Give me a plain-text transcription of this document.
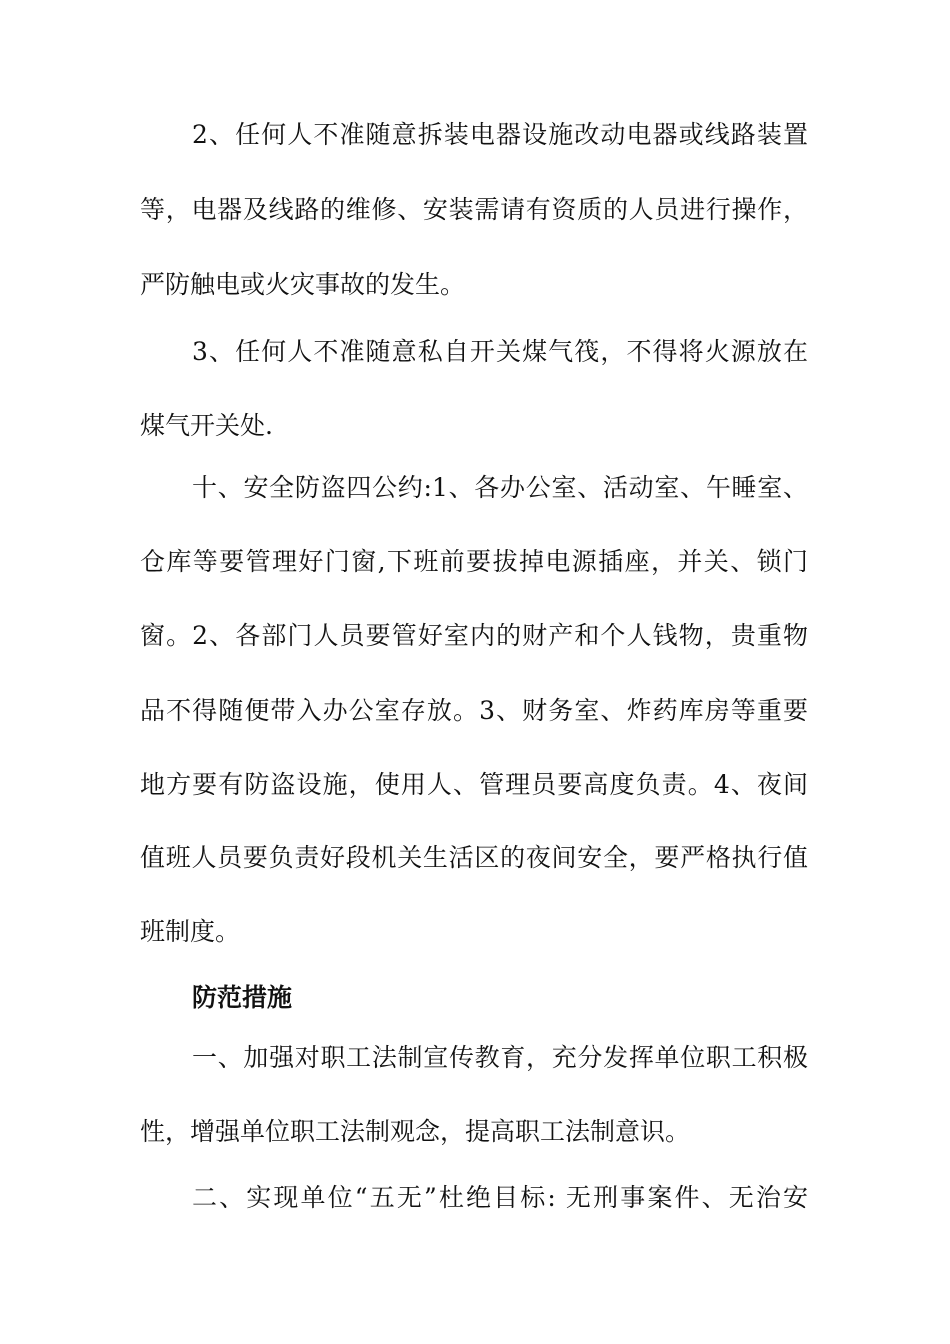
2、任何人不准随意拆装电器设施改动电器或线路装置
等，电器及线路的维修、安装需请有资质的人员进行操作，
严防触电或火灾事故的发生。
3、任何人不准随意私自开关煤气筏，不得将火源放在
煤气开关处.
十、安全防盗四公约:1、各办公室、活动室、午睡室、
仓库等要管理好门窗,下班前要拔掉电源插座，并关、锁门
窗。2、各部门人员要管好室内的财产和个人钱物，贵重物
品不得随便带入办公室存放。3、财务室、炸药库房等重要
地方要有防盗设施，使用人、管理员要高度负责。4、夜间
值班人员要负责好段机关生活区的夜间安全，要严格执行值
班制度。
防范措施
一、加强对职工法制宣传教育，充分发挥单位职工积极
性，增强单位职工法制观念，提高职工法制意识。
二、实现单位“五无”杜绝目标: 无刑事案件、无治安
